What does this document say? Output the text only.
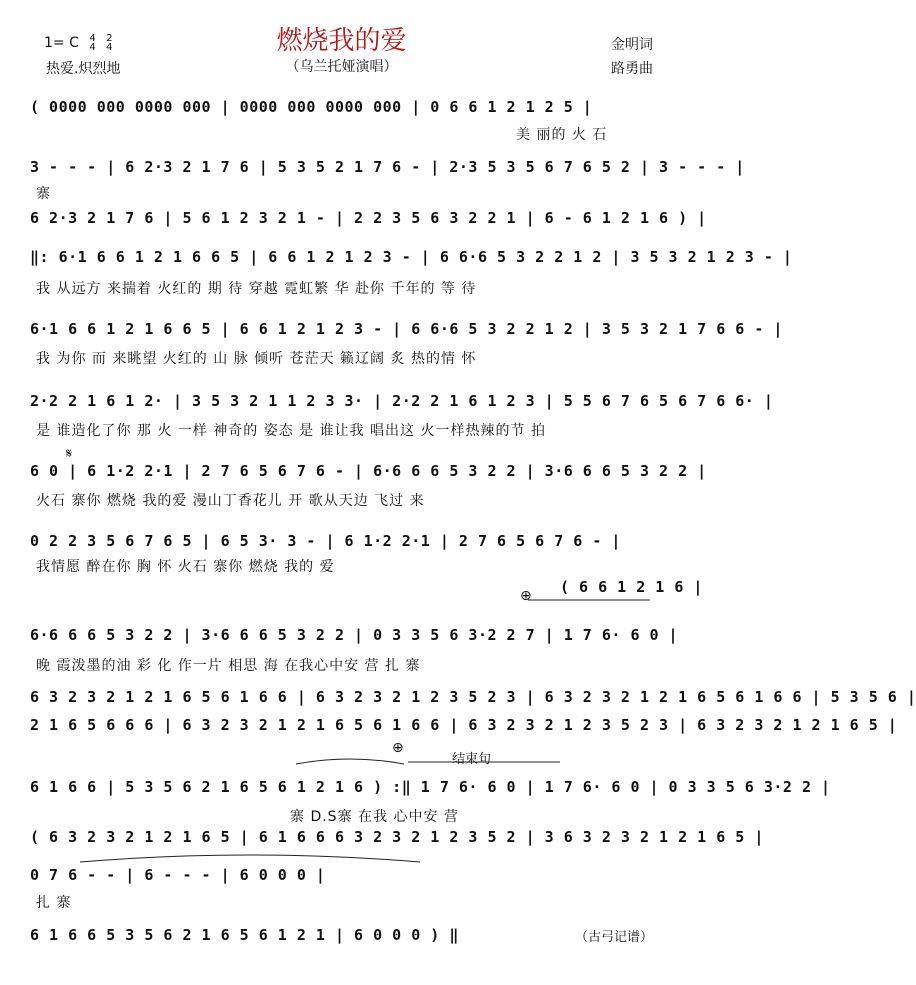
燃烧我的爱
（乌兰托娅演唱）
1= C 4
4 2
4
热爱.炽烈地
金明词
路勇曲
( 0000 000 0000 000 | 0000 000 0000 000 | 0 6 6 1 2 1 2 5 |
美 丽的 火 石
3 - - - | 6 2·3 2 1 7 6 | 5 3 5 2 1 7 6 - | 2·3 5 3 5 6 7 6 5 2 | 3 - - - |
寨
6 2·3 2 1 7 6 | 5 6 1 2 3 2 1 - | 2 2 3 5 6 3 2 2 1 | 6 - 6 1 2 1 6 ) |
‖: 6·1 6 6 1 2 1 6 6 5 | 6 6 1 2 1 2 3 - | 6 6·6 5 3 2 2 1 2 | 3 5 3 2 1 2 3 - |
我 从远方 来揣着 火红的 期 待 穿越 霓虹繁 华 赴你 千年的 等 待
6·1 6 6 1 2 1 6 6 5 | 6 6 1 2 1 2 3 - | 6 6·6 5 3 2 2 1 2 | 3 5 3 2 1 7 6 6 - |
我 为你 而 来眺望 火红的 山 脉 倾听 苍茫天 籁辽阔 炙 热的情 怀
2·2 2 1 6 1 2· | 3 5 3 2 1 1 2 3 3· | 2·2 2 1 6 1 2 3 | 5 5 6 7 6 5 6 7 6 6· |
是 谁造化了你 那 火 一样 神奇的 姿态 是 谁让我 唱出这 火一样热辣的节 拍
6 0 | 6 1·2 2·1 | 2 7 6 5 6 7 6 - | 6·6 6 6 5 3 2 2 | 3·6 6 6 5 3 2 2 |
火石 寨你 燃烧 我的爱 漫山丁香花儿 开 歌从天边 飞过 来
0 2 2 3 5 6 7 6 5 | 6 5 3· 3 - | 6 1·2 2·1 | 2 7 6 5 6 7 6 - |
我情愿 醉在你 胸 怀 火石 寨你 燃烧 我的 爱
( 6 6 1 2 1 6 |
6·6 6 6 5 3 2 2 | 3·6 6 6 5 3 2 2 | 0 3 3 5 6 3·2 2 7 | 1 7 6· 6 0 |
晚 霞泼墨的油 彩 化 作一片 相思 海 在我心中安 营 扎 寨
6 3 2 3 2 1 2 1 6 5 6 1 6 6 | 6 3 2 3 2 1 2 3 5 2 3 | 6 3 2 3 2 1 2 1 6 5 6 1 6 6 | 5 3 5 6 |
2 1 6 5 6 6 6 | 6 3 2 3 2 1 2 1 6 5 6 1 6 6 | 6 3 2 3 2 1 2 3 5 2 3 | 6 3 2 3 2 1 2 1 6 5 |
6 1 6 6 | 5 3 5 6 2 1 6 5 6 1 2 1 6 ) :‖ 1 7 6· 6 0 | 1 7 6· 6 0 | 0 3 3 5 6 3·2 2 |
寨 D.S寨 在我 心中安 营
( 6 3 2 3 2 1 2 1 6 5 | 6 1 6 6 6 3 2 3 2 1 2 3 5 2 | 3 6 3 2 3 2 1 2 1 6 5 |
0 7 6 - - | 6 - - - | 6 0 0 0 |
扎 寨
6 1 6 6 5 3 5 6 2 1 6 5 6 1 2 1 | 6 0 0 0 ) ‖
𝄋
⊕
⊕
结束句
（古弓记谱）
